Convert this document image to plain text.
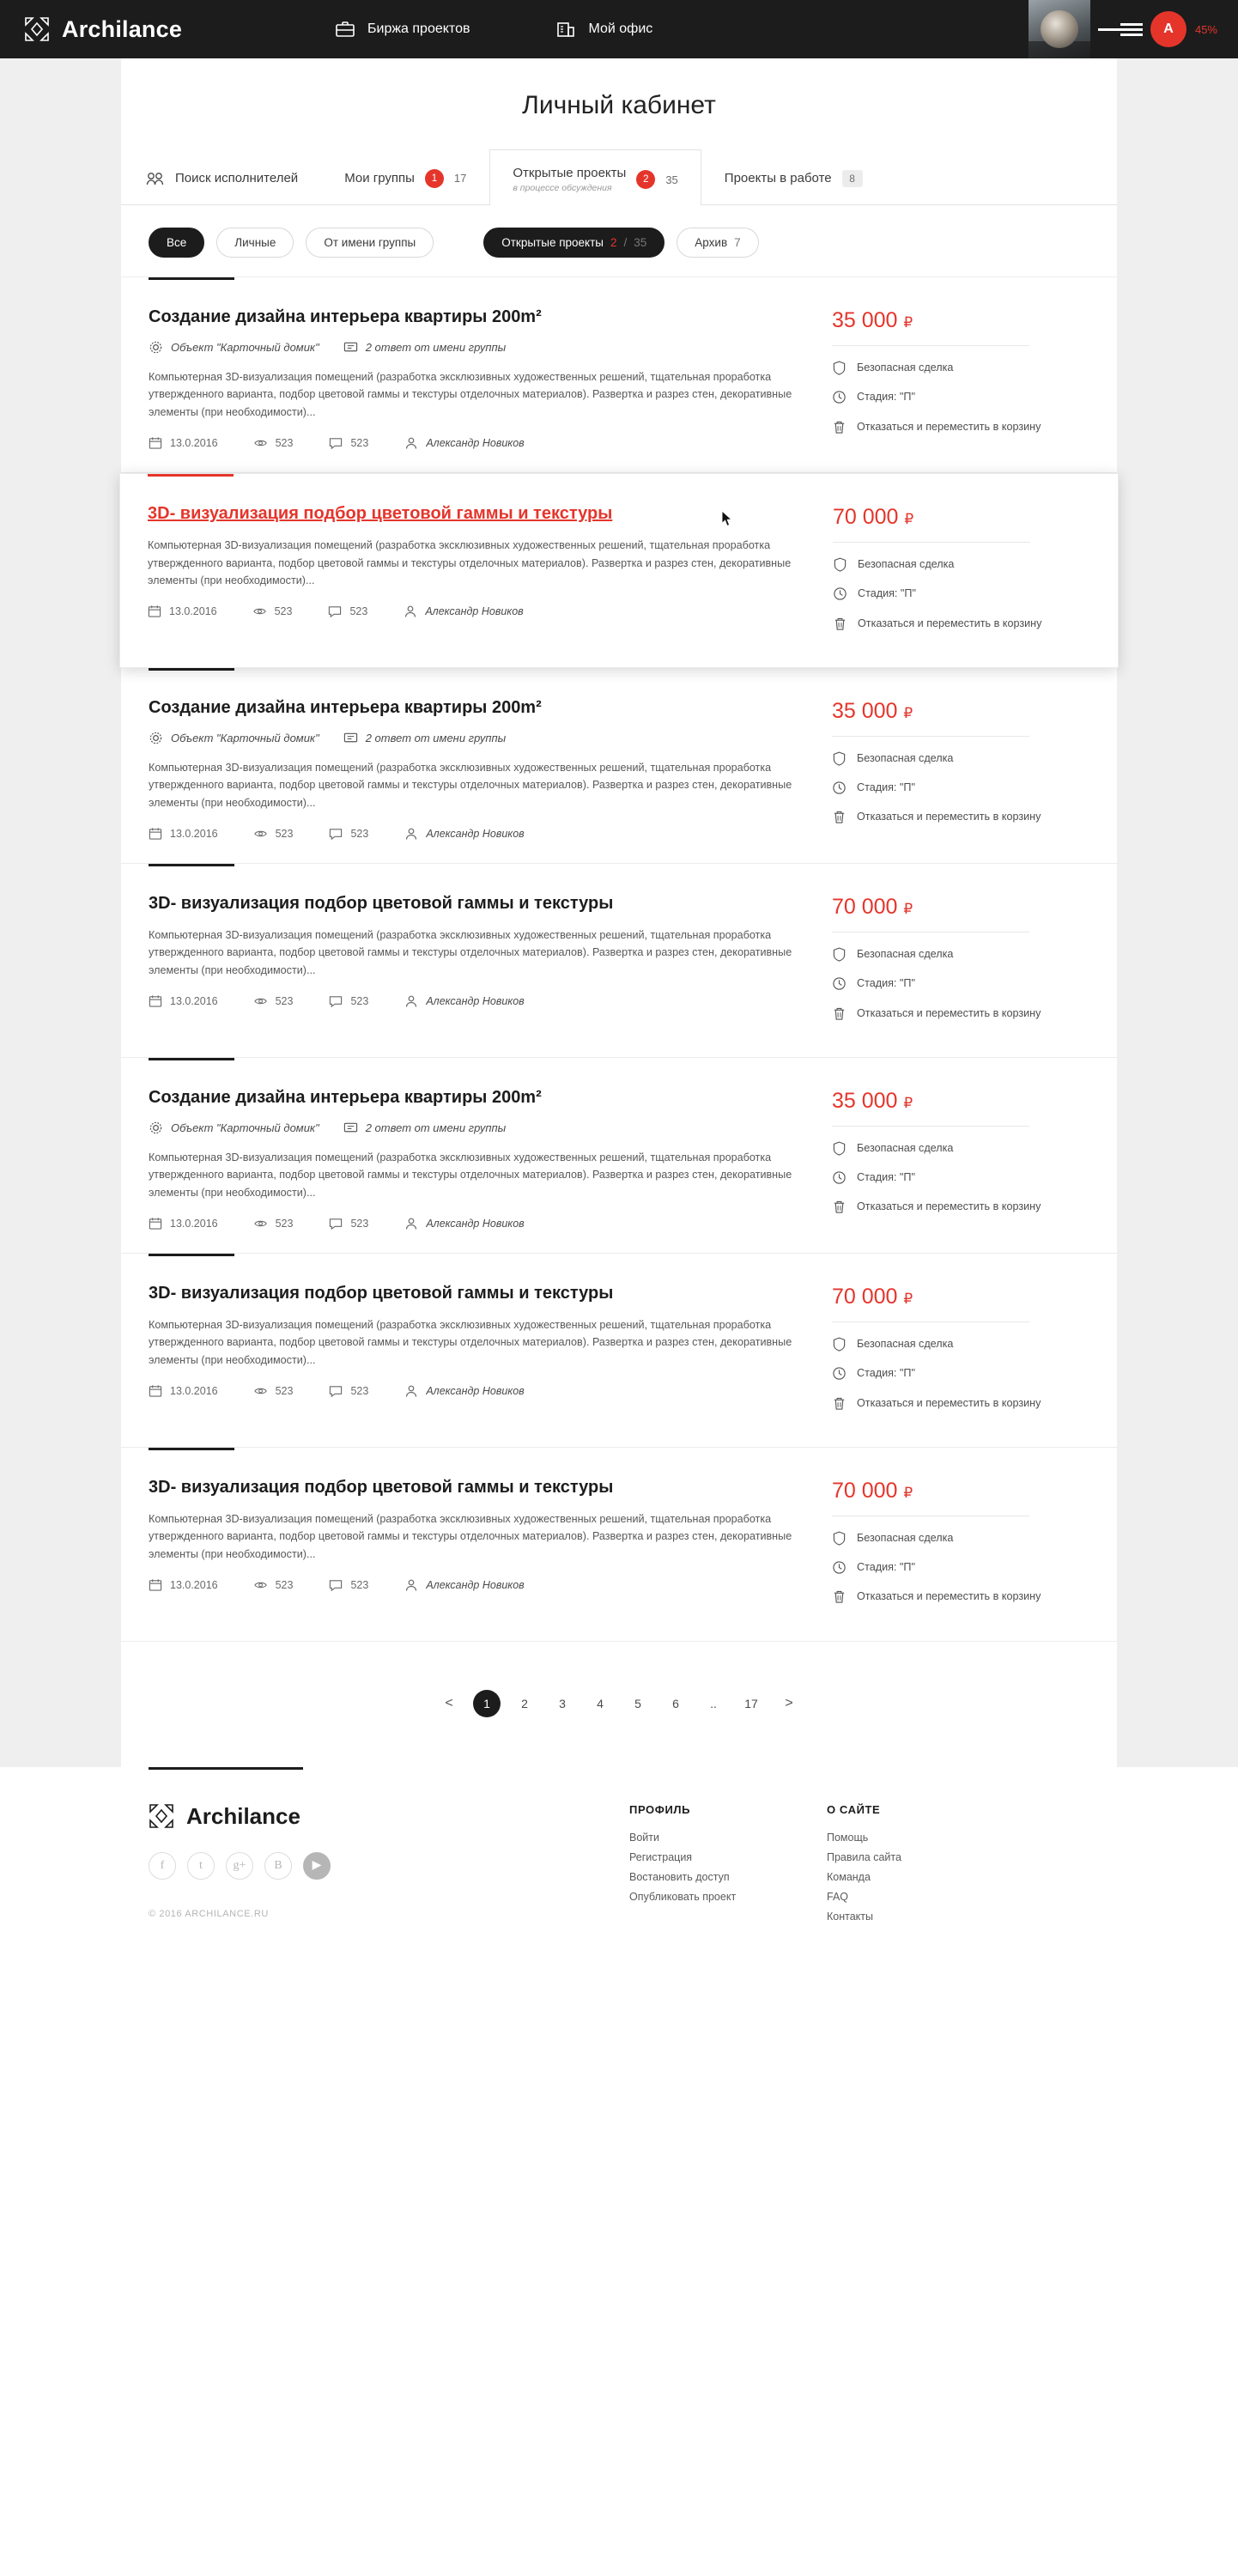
Archilance	Биржа проектов	Мой офис	A	45%
Личный кабинет
Поиск исполнителей	Мои группы	1	17	Открытые проекты
в процессе обсуждения
2	35	Проекты в работе	8
Все	Личные	От имени группы	Открытые проекты 2 / 35	Архив 7
Создание дизайна интерьера квартиры 200m²
Объект "Карточный домик"	2 ответ от имени группы
Компьютерная 3D-визуализация помещений (разработка эксклюзивных художественных решений, тщательная проработка утвержденного варианта, подбор цветовой гаммы и текстуры отделочных материалов). Развертка и разрез стен, декоративные элементы (при необходимости)...
13.0.2016	523	523	Александр Новиков
35 000 ₽
Безопасная сделка
Стадия: "П"
Отказаться и переместить в корзину
3D- визуализация подбор цветовой гаммы и текстуры
Компьютерная 3D-визуализация помещений (разработка эксклюзивных художественных решений, тщательная проработка утвержденного варианта, подбор цветовой гаммы и текстуры отделочных материалов). Развертка и разрез стен, декоративные элементы (при необходимости)...
13.0.2016	523	523	Александр Новиков
70 000 ₽
Безопасная сделка
Стадия: "П"
Отказаться и переместить в корзину
Создание дизайна интерьера квартиры 200m²
Объект "Карточный домик"	2 ответ от имени группы
Компьютерная 3D-визуализация помещений (разработка эксклюзивных художественных решений, тщательная проработка утвержденного варианта, подбор цветовой гаммы и текстуры отделочных материалов). Развертка и разрез стен, декоративные элементы (при необходимости)...
13.0.2016	523	523	Александр Новиков
35 000 ₽
Безопасная сделка
Стадия: "П"
Отказаться и переместить в корзину
3D- визуализация подбор цветовой гаммы и текстуры
Компьютерная 3D-визуализация помещений (разработка эксклюзивных художественных решений, тщательная проработка утвержденного варианта, подбор цветовой гаммы и текстуры отделочных материалов). Развертка и разрез стен, декоративные элементы (при необходимости)...
13.0.2016	523	523	Александр Новиков
70 000 ₽
Безопасная сделка
Стадия: "П"
Отказаться и переместить в корзину
Создание дизайна интерьера квартиры 200m²
Объект "Карточный домик"	2 ответ от имени группы
Компьютерная 3D-визуализация помещений (разработка эксклюзивных художественных решений, тщательная проработка утвержденного варианта, подбор цветовой гаммы и текстуры отделочных материалов). Развертка и разрез стен, декоративные элементы (при необходимости)...
13.0.2016	523	523	Александр Новиков
35 000 ₽
Безопасная сделка
Стадия: "П"
Отказаться и переместить в корзину
3D- визуализация подбор цветовой гаммы и текстуры
Компьютерная 3D-визуализация помещений (разработка эксклюзивных художественных решений, тщательная проработка утвержденного варианта, подбор цветовой гаммы и текстуры отделочных материалов). Развертка и разрез стен, декоративные элементы (при необходимости)...
13.0.2016	523	523	Александр Новиков
70 000 ₽
Безопасная сделка
Стадия: "П"
Отказаться и переместить в корзину
3D- визуализация подбор цветовой гаммы и текстуры
Компьютерная 3D-визуализация помещений (разработка эксклюзивных художественных решений, тщательная проработка утвержденного варианта, подбор цветовой гаммы и текстуры отделочных материалов). Развертка и разрез стен, декоративные элементы (при необходимости)...
13.0.2016	523	523	Александр Новиков
70 000 ₽
Безопасная сделка
Стадия: "П"
Отказаться и переместить в корзину
<	1	2	3	4	5	6	..	17	>
Archilance
f	t	g+	B	▶
© 2016 ARCHILANCE.RU
ПРОФИЛЬ
Войти
Регистрация
Востановить доступ
Опубликовать проект
О САЙТЕ
Помощь
Правила сайта
Команда
FAQ
Контакты
